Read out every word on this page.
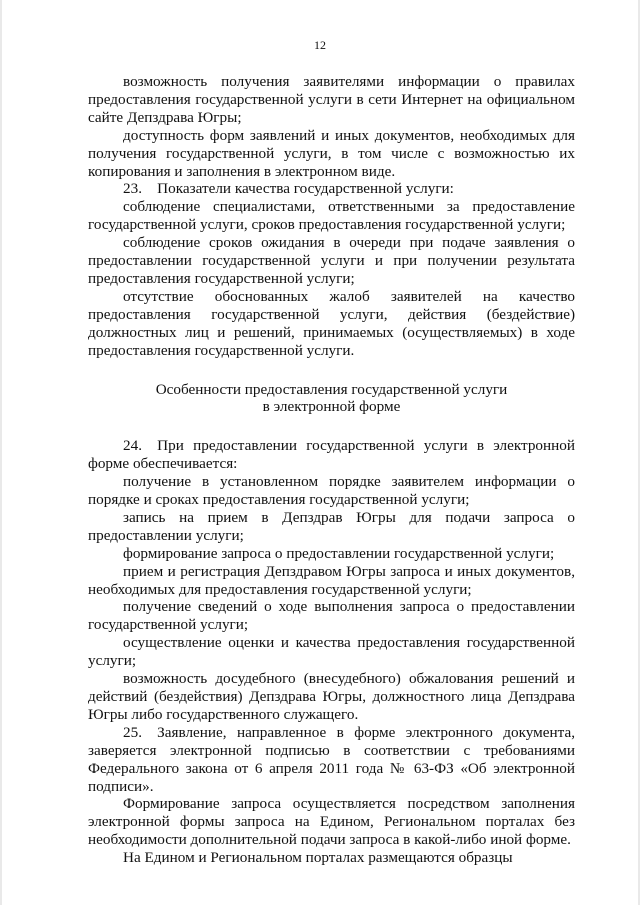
12

возможность получения заявителями информации о правилах предоставления государственной услуги в сети Интернет на официальном сайте Депздрава Югры;

доступность форм заявлений и иных документов, необходимых для получения государственной услуги, в том числе с возможностью их копирования и заполнения в электронном виде.

23. Показатели качества государственной услуги:

соблюдение специалистами, ответственными за предоставление государственной услуги, сроков предоставления государственной услуги;

соблюдение сроков ожидания в очереди при подаче заявления о предоставлении государственной услуги и при получении результата предоставления государственной услуги;

отсутствие обоснованных жалоб заявителей на качество предоставления государственной услуги, действия (бездействие) должностных лиц и решений, принимаемых (осуществляемых) в ходе предоставления государственной услуги.

Особенности предоставления государственной услуги

в электронной форме

24. При предоставлении государственной услуги в электронной форме обеспечивается:

получение в установленном порядке заявителем информации о порядке и сроках предоставления государственной услуги;

запись на прием в Депздрав Югры для подачи запроса о предоставлении услуги;

формирование запроса о предоставлении государственной услуги;

прием и регистрация Депздравом Югры запроса и иных документов, необходимых для предоставления государственной услуги;

получение сведений о ходе выполнения запроса о предоставлении государственной услуги;

осуществление оценки и качества предоставления государственной услуги;

возможность досудебного (внесудебного) обжалования решений и действий (бездействия) Депздрава Югры, должностного лица Депздрава Югры либо государственного служащего.

25. Заявление, направленное в форме электронного документа, заверяется электронной подписью в соответствии с требованиями Федерального закона от 6 апреля 2011 года № 63-ФЗ «Об электронной подписи».

Формирование запроса осуществляется посредством заполнения электронной формы запроса на Едином, Региональном порталах без необходимости дополнительной подачи запроса в какой-либо иной форме.

На Едином и Региональном порталах размещаются образцы
